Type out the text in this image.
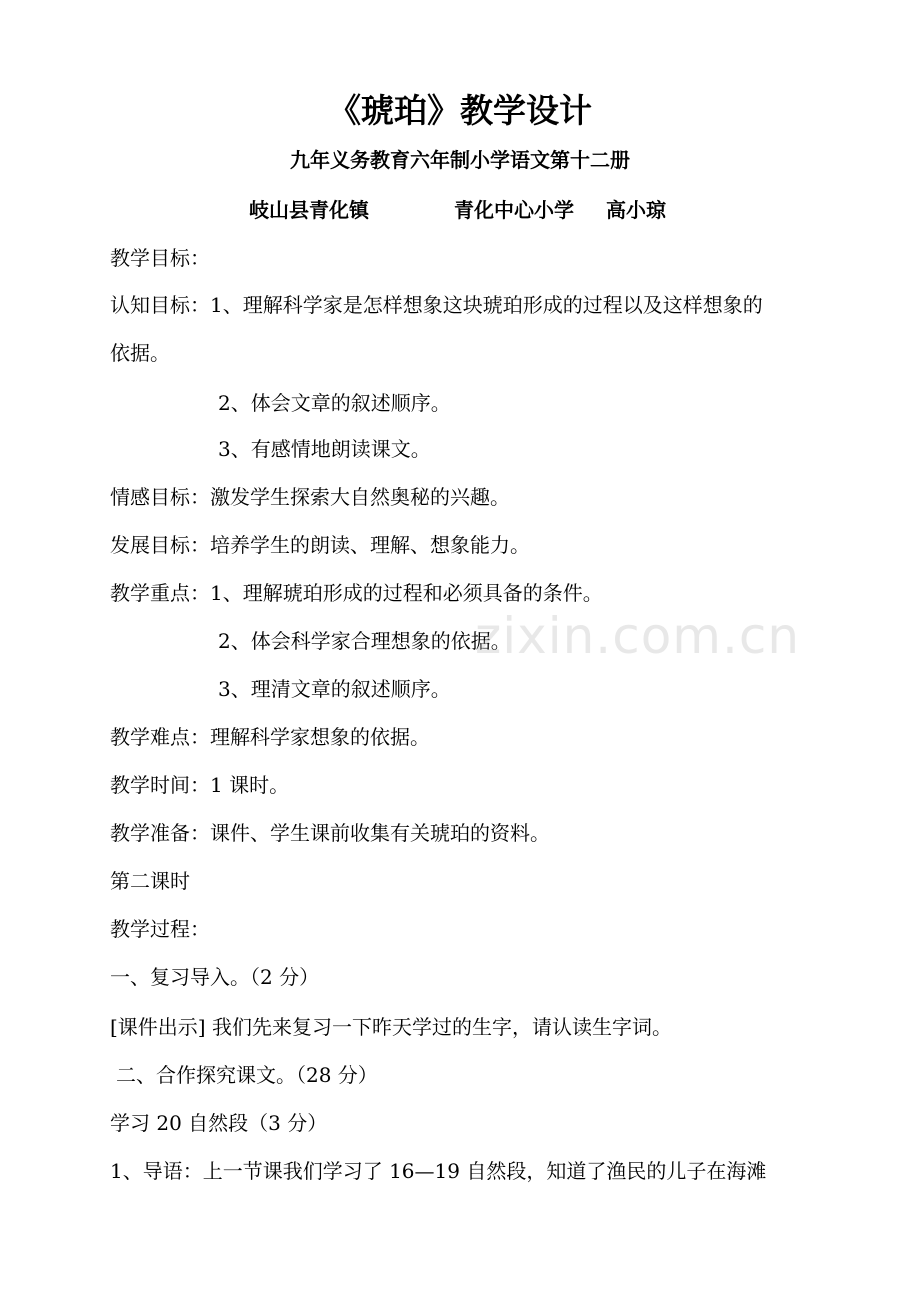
《琥珀》教学设计
九年义务教育六年制小学语文第十二册
岐山县青化镇	青化中心小学 高小琼

教学目标：

认知目标：1、理解科学家是怎样想象这块琥珀形成的过程以及这样想象的

依据。

2、体会文章的叙述顺序。

3、有感情地朗读课文。

情感目标：激发学生探索大自然奥秘的兴趣。

发展目标：培养学生的朗读、理解、想象能力。

教学重点：1、理解琥珀形成的过程和必须具备的条件。

2、体会科学家合理想象的依据。

3、理清文章的叙述顺序。

教学难点：理解科学家想象的依据。

教学时间：1 课时。

教学准备：课件、学生课前收集有关琥珀的资料。

第二课时

教学过程：

一、复习导入。（2 分）

[课件出示] 我们先来复习一下昨天学过的生字，请认读生字词。

二、合作探究课文。（28 分）

学习 20 自然段（3 分）

1、导语：上一节课我们学习了 16—19 自然段，知道了渔民的儿子在海滩

zixin.com.cn
